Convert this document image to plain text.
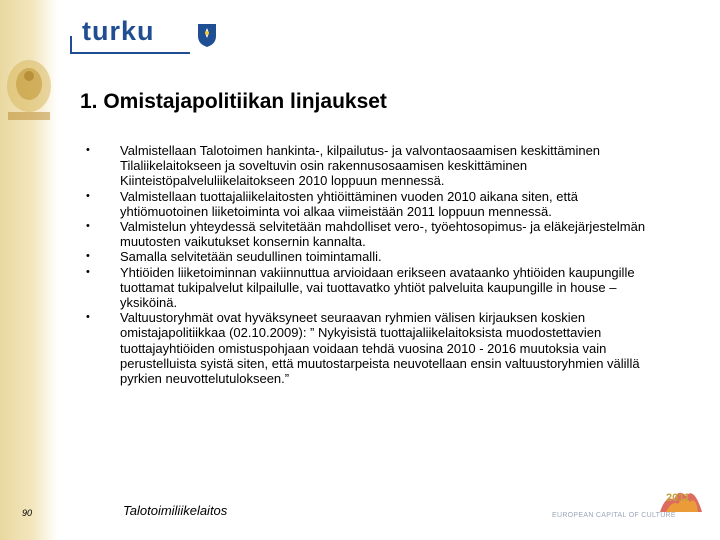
turku
1. Omistajapolitiikan linjaukset
• Valmistellaan Talotoimen hankinta-, kilpailutus- ja valvontaosaamisen keskittäminen Tilaliikelaitokseen ja soveltuvin osin rakennusosaamisen keskittäminen Kiinteistöpalveluliikelaitokseen 2010 loppuun mennessä.
• Valmistellaan tuottajaliikelaitosten yhtiöittäminen vuoden 2010 aikana siten, että yhtiömuotoinen liiketoiminta voi alkaa viimeistään 2011 loppuun mennessä.
• Valmistelun yhteydessä selvitetään mahdolliset vero-, työehtosopimus- ja eläkejärjestelmän muutosten vaikutukset konsernin kannalta.
• Samalla selvitetään seudullinen toimintamalli.
• Yhtiöiden liiketoiminnan vakiinnuttua arvioidaan erikseen avataanko yhtiöiden kaupungille tuottamat tukipalvelut kilpailulle, vai tuottavatko yhtiöt palveluita kaupungille in house –yksiköinä.
• Valtuustoryhmät ovat hyväksyneet seuraavan ryhmien välisen kirjauksen koskien omistajapolitiikkaa (02.10.2009): ” Nykyisistä tuottajaliikelaitoksista muodostettavien tuottajayhtiöiden omistuspohjaan voidaan tehdä vuosina 2010 - 2016 muutoksia vain perustelluista syistä siten, että muutostarpeista neuvotellaan ensin valtuustoryhmien välillä pyrkien neuvottelutulokseen.”
90	Talotoimiliikelaitos
2011
EUROPEAN CAPITAL OF CULTURE
